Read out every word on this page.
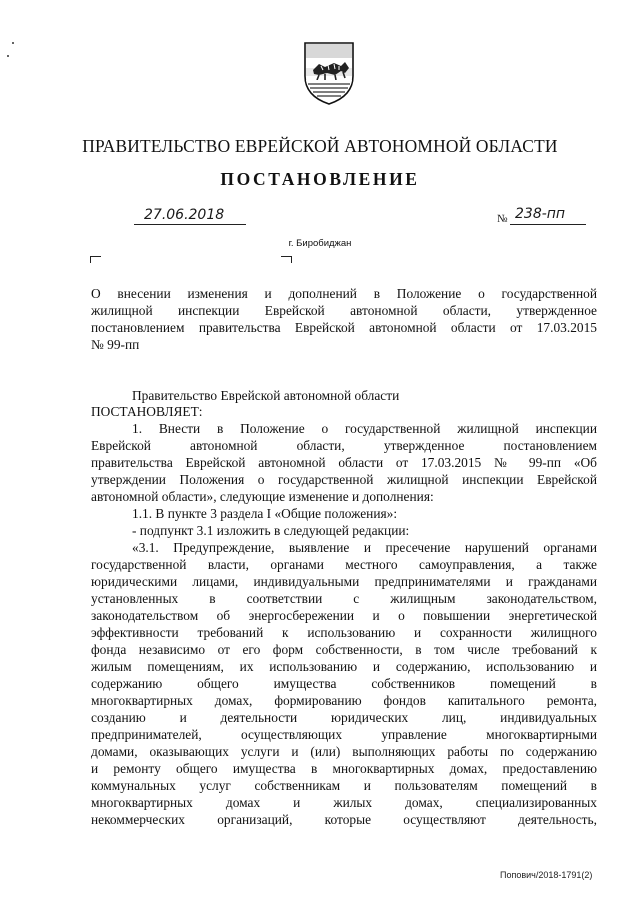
ПРАВИТЕЛЬСТВО ЕВРЕЙСКОЙ АВТОНОМНОЙ ОБЛАСТИ
ПОСТАНОВЛЕНИЕ
27.06.2018	№ 238-пп
г. Биробиджан
О внесении изменения и дополнений в Положение о государственной
жилищной инспекции Еврейской автономной области, утвержденное
постановлением правительства Еврейской автономной области от 17.03.2015
№ 99-пп
Правительство Еврейской автономной области
ПОСТАНОВЛЯЕТ:
1. Внести в Положение о государственной жилищной инспекции
Еврейской автономной области, утвержденное постановлением
правительства Еврейской автономной области от 17.03.2015 № 99-пп «Об
утверждении Положения о государственной жилищной инспекции Еврейской
автономной области», следующие изменение и дополнения:
1.1. В пункте 3 раздела I «Общие положения»:
- подпункт 3.1 изложить в следующей редакции:
«3.1. Предупреждение, выявление и пресечение нарушений органами
государственной власти, органами местного самоуправления, а также
юридическими лицами, индивидуальными предпринимателями и гражданами
установленных в соответствии с жилищным законодательством,
законодательством об энергосбережении и о повышении энергетической
эффективности требований к использованию и сохранности жилищного
фонда независимо от его форм собственности, в том числе требований к
жилым помещениям, их использованию и содержанию, использованию и
содержанию общего имущества собственников помещений в
многоквартирных домах, формированию фондов капитального ремонта,
созданию и деятельности юридических лиц, индивидуальных
предпринимателей, осуществляющих управление многоквартирными
домами, оказывающих услуги и (или) выполняющих работы по содержанию
и ремонту общего имущества в многоквартирных домах, предоставлению
коммунальных услуг собственникам и пользователям помещений в
многоквартирных домах и жилых домах, специализированных
некоммерческих организаций, которые осуществляют деятельность,
Попович/2018-1791(2)
